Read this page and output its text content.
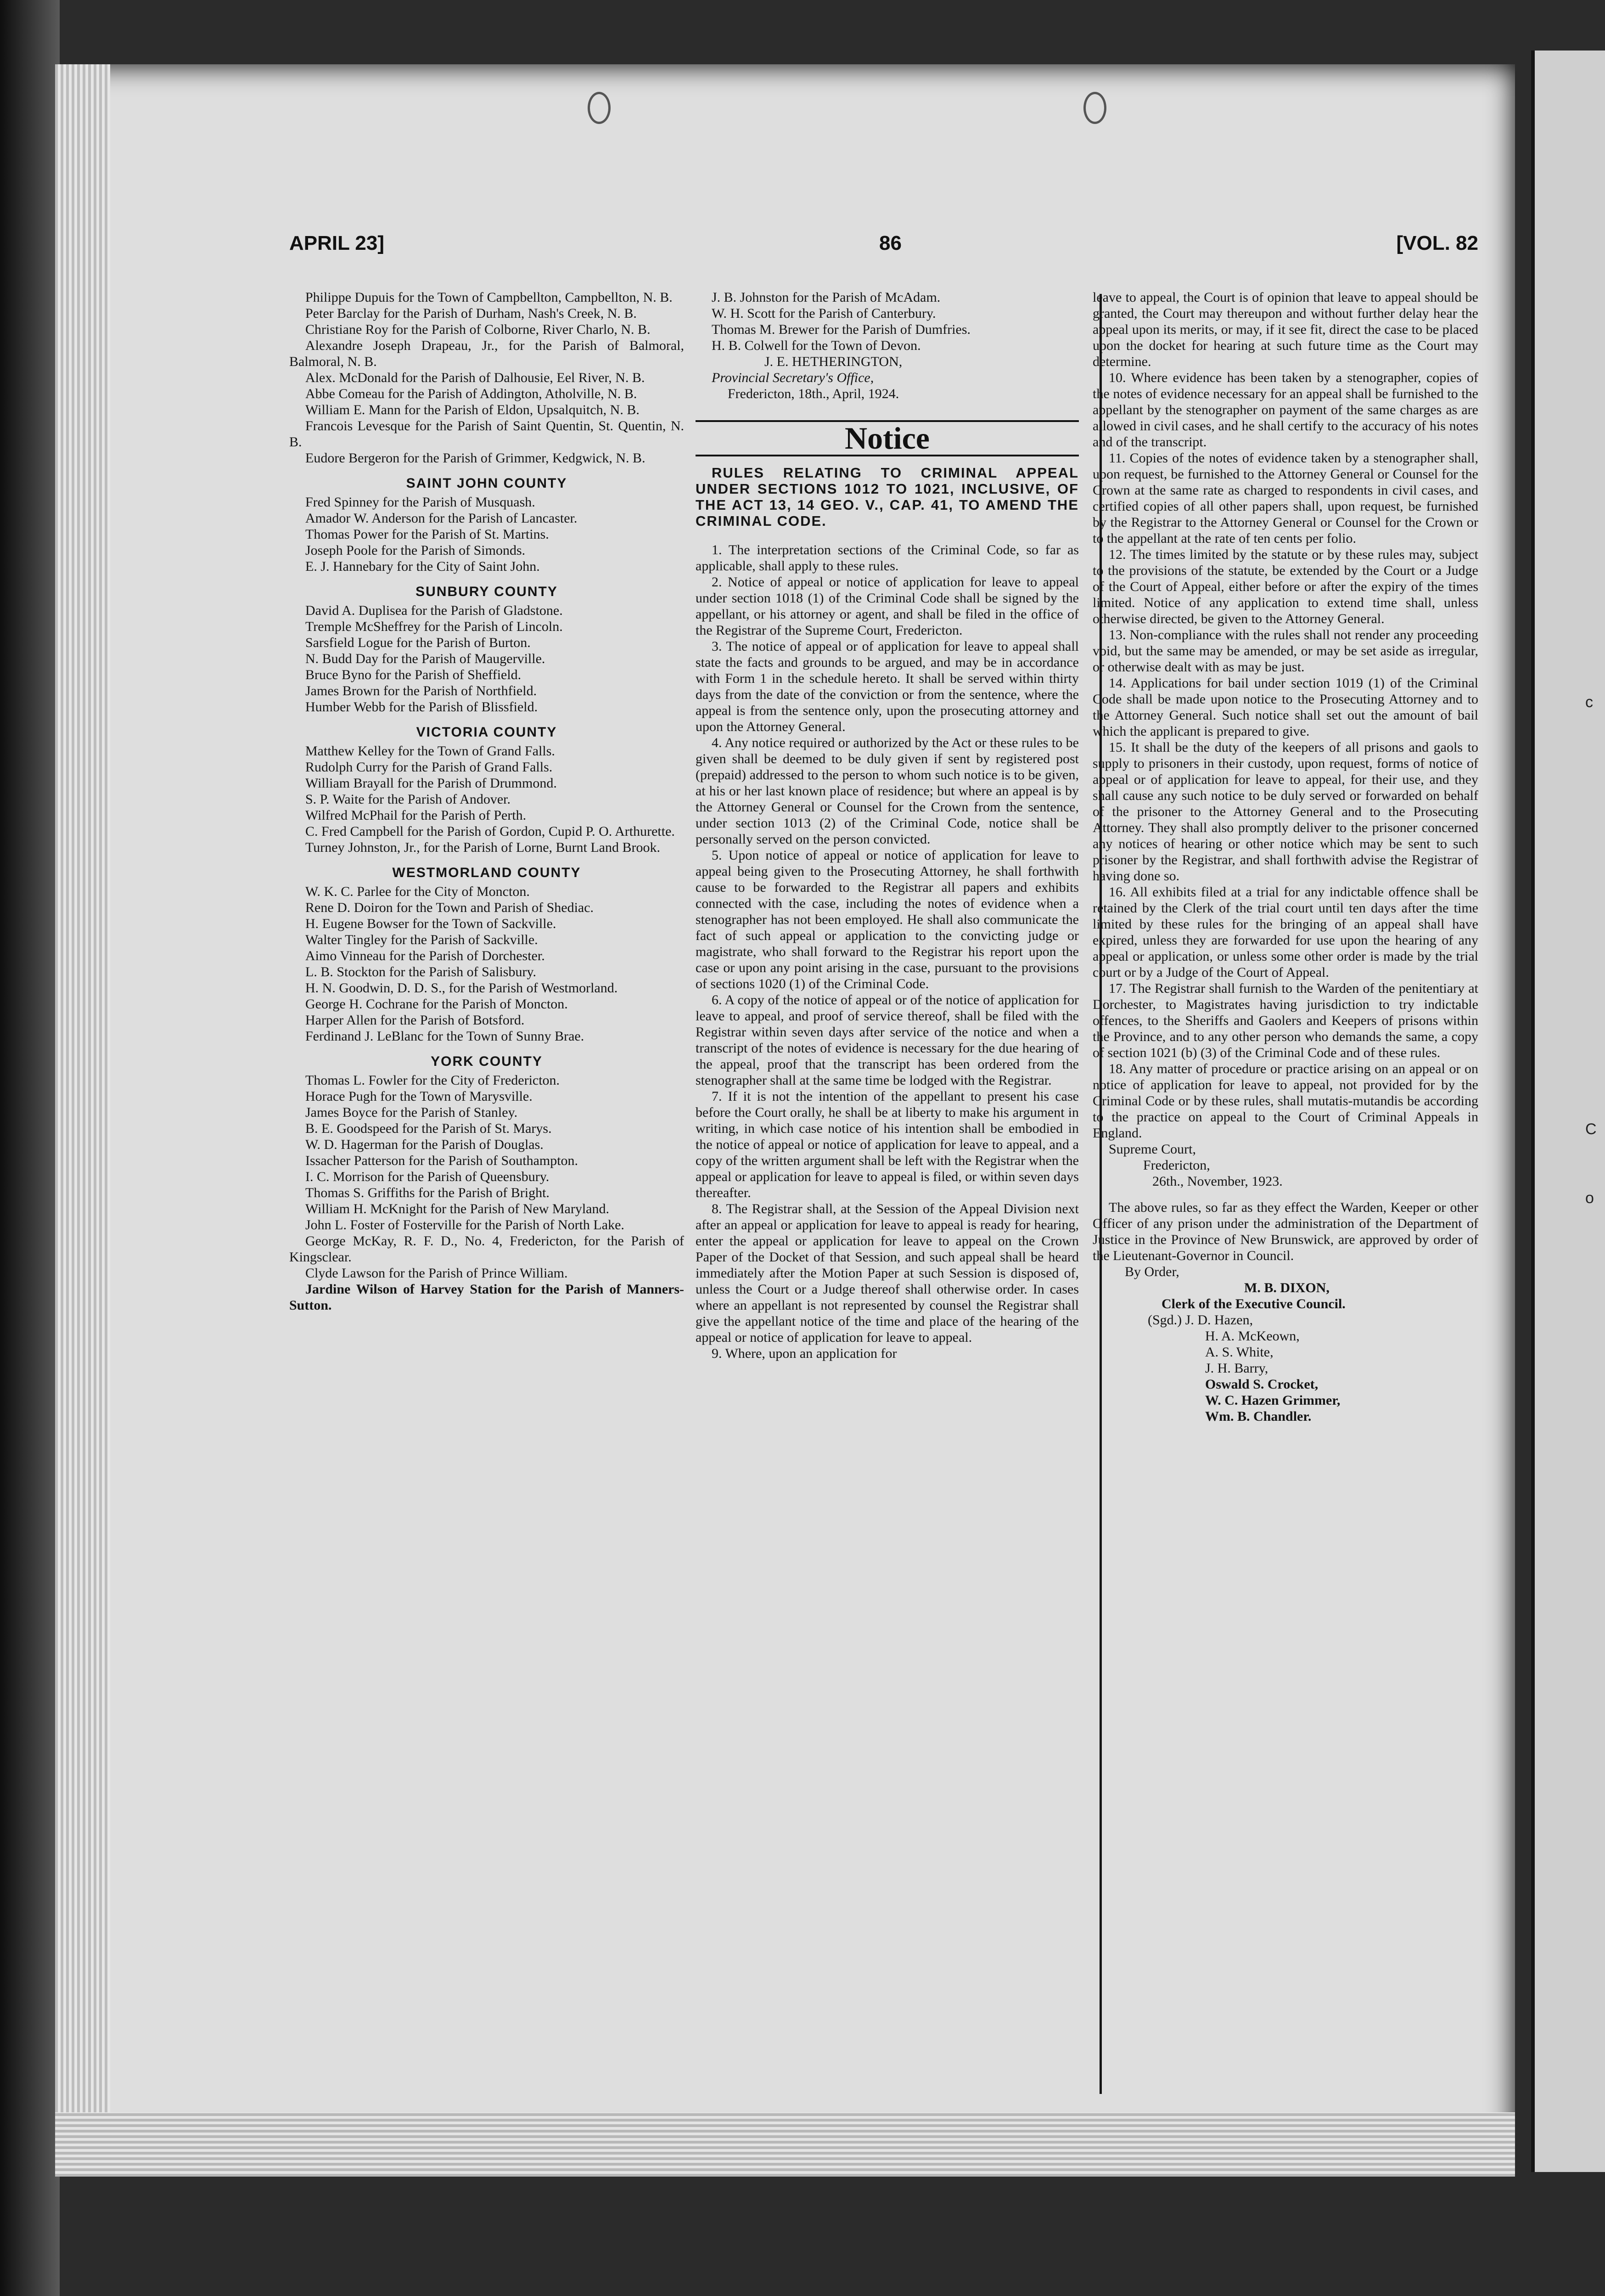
c
C
o
APRIL 23]	86	[VOL. 82

Philippe Dupuis for the Town of Campbellton, Campbellton, N. B.

Peter Barclay for the Parish of Durham, Nash's Creek, N. B.

Christiane Roy for the Parish of Colborne, River Charlo, N. B.

Alexandre Joseph Drapeau, Jr., for the Parish of Balmoral, Balmoral, N. B.

Alex. McDonald for the Parish of Dalhousie, Eel River, N. B.

Abbe Comeau for the Parish of Addington, Atholville, N. B.

William E. Mann for the Parish of Eldon, Upsalquitch, N. B.

Francois Levesque for the Parish of Saint Quentin, St. Quentin, N. B.

Eudore Bergeron for the Parish of Grimmer, Kedgwick, N. B.

SAINT JOHN COUNTY

Fred Spinney for the Parish of Musquash.

Amador W. Anderson for the Parish of Lancaster.

Thomas Power for the Parish of St. Martins.

Joseph Poole for the Parish of Simonds.

E. J. Hannebary for the City of Saint John.

SUNBURY COUNTY

David A. Duplisea for the Parish of Gladstone.

Tremple McSheffrey for the Parish of Lincoln.

Sarsfield Logue for the Parish of Burton.

N. Budd Day for the Parish of Maugerville.

Bruce Byno for the Parish of Sheffield.

James Brown for the Parish of Northfield.

Humber Webb for the Parish of Blissfield.

VICTORIA COUNTY

Matthew Kelley for the Town of Grand Falls.

Rudolph Curry for the Parish of Grand Falls.

William Brayall for the Parish of Drummond.

S. P. Waite for the Parish of Andover.

Wilfred McPhail for the Parish of Perth.

C. Fred Campbell for the Parish of Gordon, Cupid P. O. Arthurette.

Turney Johnston, Jr., for the Parish of Lorne, Burnt Land Brook.

WESTMORLAND COUNTY

W. K. C. Parlee for the City of Moncton.

Rene D. Doiron for the Town and Parish of Shediac.

H. Eugene Bowser for the Town of Sackville.

Walter Tingley for the Parish of Sackville.

Aimo Vinneau for the Parish of Dorchester.

L. B. Stockton for the Parish of Salisbury.

H. N. Goodwin, D. D. S., for the Parish of Westmorland.

George H. Cochrane for the Parish of Moncton.

Harper Allen for the Parish of Botsford.

Ferdinand J. LeBlanc for the Town of Sunny Brae.

YORK COUNTY

Thomas L. Fowler for the City of Fredericton.

Horace Pugh for the Town of Marysville.

James Boyce for the Parish of Stanley.

B. E. Goodspeed for the Parish of St. Marys.

W. D. Hagerman for the Parish of Douglas.

Issacher Patterson for the Parish of Southampton.

I. C. Morrison for the Parish of Queensbury.

Thomas S. Griffiths for the Parish of Bright.

William H. McKnight for the Parish of New Maryland.

John L. Foster of Fosterville for the Parish of North Lake.

George McKay, R. F. D., No. 4, Fredericton, for the Parish of Kingsclear.

Clyde Lawson for the Parish of Prince William.

Jardine Wilson of Harvey Station for the Parish of Manners-Sutton.

J. B. Johnston for the Parish of McAdam.

W. H. Scott for the Parish of Canterbury.

Thomas M. Brewer for the Parish of Dumfries.

H. B. Colwell for the Town of Devon.

J. E. HETHERINGTON,

Provincial Secretary's Office,

Fredericton, 18th., April, 1924.

Notice

RULES RELATING TO CRIMINAL APPEAL UNDER SECTIONS 1012 TO 1021, INCLUSIVE, OF THE ACT 13, 14 GEO. V., CAP. 41, TO AMEND THE CRIMINAL CODE.

1. The interpretation sections of the Criminal Code, so far as applicable, shall apply to these rules.

2. Notice of appeal or notice of application for leave to appeal under section 1018 (1) of the Criminal Code shall be signed by the appellant, or his attorney or agent, and shall be filed in the office of the Registrar of the Supreme Court, Fredericton.

3. The notice of appeal or of application for leave to appeal shall state the facts and grounds to be argued, and may be in accordance with Form 1 in the schedule hereto. It shall be served within thirty days from the date of the conviction or from the sentence, where the appeal is from the sentence only, upon the prosecuting attorney and upon the Attorney General.

4. Any notice required or authorized by the Act or these rules to be given shall be deemed to be duly given if sent by registered post (prepaid) addressed to the person to whom such notice is to be given, at his or her last known place of residence; but where an appeal is by the Attorney General or Counsel for the Crown from the sentence, under section 1013 (2) of the Criminal Code, notice shall be personally served on the person convicted.

5. Upon notice of appeal or notice of application for leave to appeal being given to the Prosecuting Attorney, he shall forthwith cause to be forwarded to the Registrar all papers and exhibits connected with the case, including the notes of evidence when a stenographer has not been employed. He shall also communicate the fact of such appeal or application to the convicting judge or magistrate, who shall forward to the Registrar his report upon the case or upon any point arising in the case, pursuant to the provisions of sections 1020 (1) of the Criminal Code.

6. A copy of the notice of appeal or of the notice of application for leave to appeal, and proof of service thereof, shall be filed with the Registrar within seven days after service of the notice and when a transcript of the notes of evidence is necessary for the due hearing of the appeal, proof that the transcript has been ordered from the stenographer shall at the same time be lodged with the Registrar.

7. If it is not the intention of the appellant to present his case before the Court orally, he shall be at liberty to make his argument in writing, in which case notice of his intention shall be embodied in the notice of appeal or notice of application for leave to appeal, and a copy of the written argument shall be left with the Registrar when the appeal or application for leave to appeal is filed, or within seven days thereafter.

8. The Registrar shall, at the Session of the Appeal Division next after an appeal or application for leave to appeal is ready for hearing, enter the appeal or application for leave to appeal on the Crown Paper of the Docket of that Session, and such appeal shall be heard immediately after the Motion Paper at such Session is disposed of, unless the Court or a Judge thereof shall otherwise order. In cases where an appellant is not represented by counsel the Registrar shall give the appellant notice of the time and place of the hearing of the appeal or notice of application for leave to appeal.

9. Where, upon an application for

leave to appeal, the Court is of opinion that leave to appeal should be granted, the Court may thereupon and without further delay hear the appeal upon its merits, or may, if it see fit, direct the case to be placed upon the docket for hearing at such future time as the Court may determine.

10. Where evidence has been taken by a stenographer, copies of the notes of evidence necessary for an appeal shall be furnished to the appellant by the stenographer on payment of the same charges as are allowed in civil cases, and he shall certify to the accuracy of his notes and of the transcript.

11. Copies of the notes of evidence taken by a stenographer shall, upon request, be furnished to the Attorney General or Counsel for the Crown at the same rate as charged to respondents in civil cases, and certified copies of all other papers shall, upon request, be furnished by the Registrar to the Attorney General or Counsel for the Crown or to the appellant at the rate of ten cents per folio.

12. The times limited by the statute or by these rules may, subject to the provisions of the statute, be extended by the Court or a Judge of the Court of Appeal, either before or after the expiry of the times limited. Notice of any application to extend time shall, unless otherwise directed, be given to the Attorney General.

13. Non-compliance with the rules shall not render any proceeding void, but the same may be amended, or may be set aside as irregular, or otherwise dealt with as may be just.

14. Applications for bail under section 1019 (1) of the Criminal Code shall be made upon notice to the Prosecuting Attorney and to the Attorney General. Such notice shall set out the amount of bail which the applicant is prepared to give.

15. It shall be the duty of the keepers of all prisons and gaols to supply to prisoners in their custody, upon request, forms of notice of appeal or of application for leave to appeal, for their use, and they shall cause any such notice to be duly served or forwarded on behalf of the prisoner to the Attorney General and to the Prosecuting Attorney. They shall also promptly deliver to the prisoner concerned any notices of hearing or other notice which may be sent to such prisoner by the Registrar, and shall forthwith advise the Registrar of having done so.

16. All exhibits filed at a trial for any indictable offence shall be retained by the Clerk of the trial court until ten days after the time limited by these rules for the bringing of an appeal shall have expired, unless they are forwarded for use upon the hearing of any appeal or application, or unless some other order is made by the trial court or by a Judge of the Court of Appeal.

17. The Registrar shall furnish to the Warden of the penitentiary at Dorchester, to Magistrates having jurisdiction to try indictable offences, to the Sheriffs and Gaolers and Keepers of prisons within the Province, and to any other person who demands the same, a copy of section 1021 (b) (3) of the Criminal Code and of these rules.

18. Any matter of procedure or practice arising on an appeal or on notice of application for leave to appeal, not provided for by the Criminal Code or by these rules, shall mutatis-mutandis be according to the practice on appeal to the Court of Criminal Appeals in England.

Supreme Court,

Fredericton,

26th., November, 1923.

The above rules, so far as they effect the Warden, Keeper or other Officer of any prison under the administration of the Department of Justice in the Province of New Brunswick, are approved by order of the Lieutenant-Governor in Council.

By Order,

M. B. DIXON,

Clerk of the Executive Council.

(Sgd.) J. D. Hazen,

H. A. McKeown,

A. S. White,

J. H. Barry,

Oswald S. Crocket,

W. C. Hazen Grimmer,

Wm. B. Chandler.
